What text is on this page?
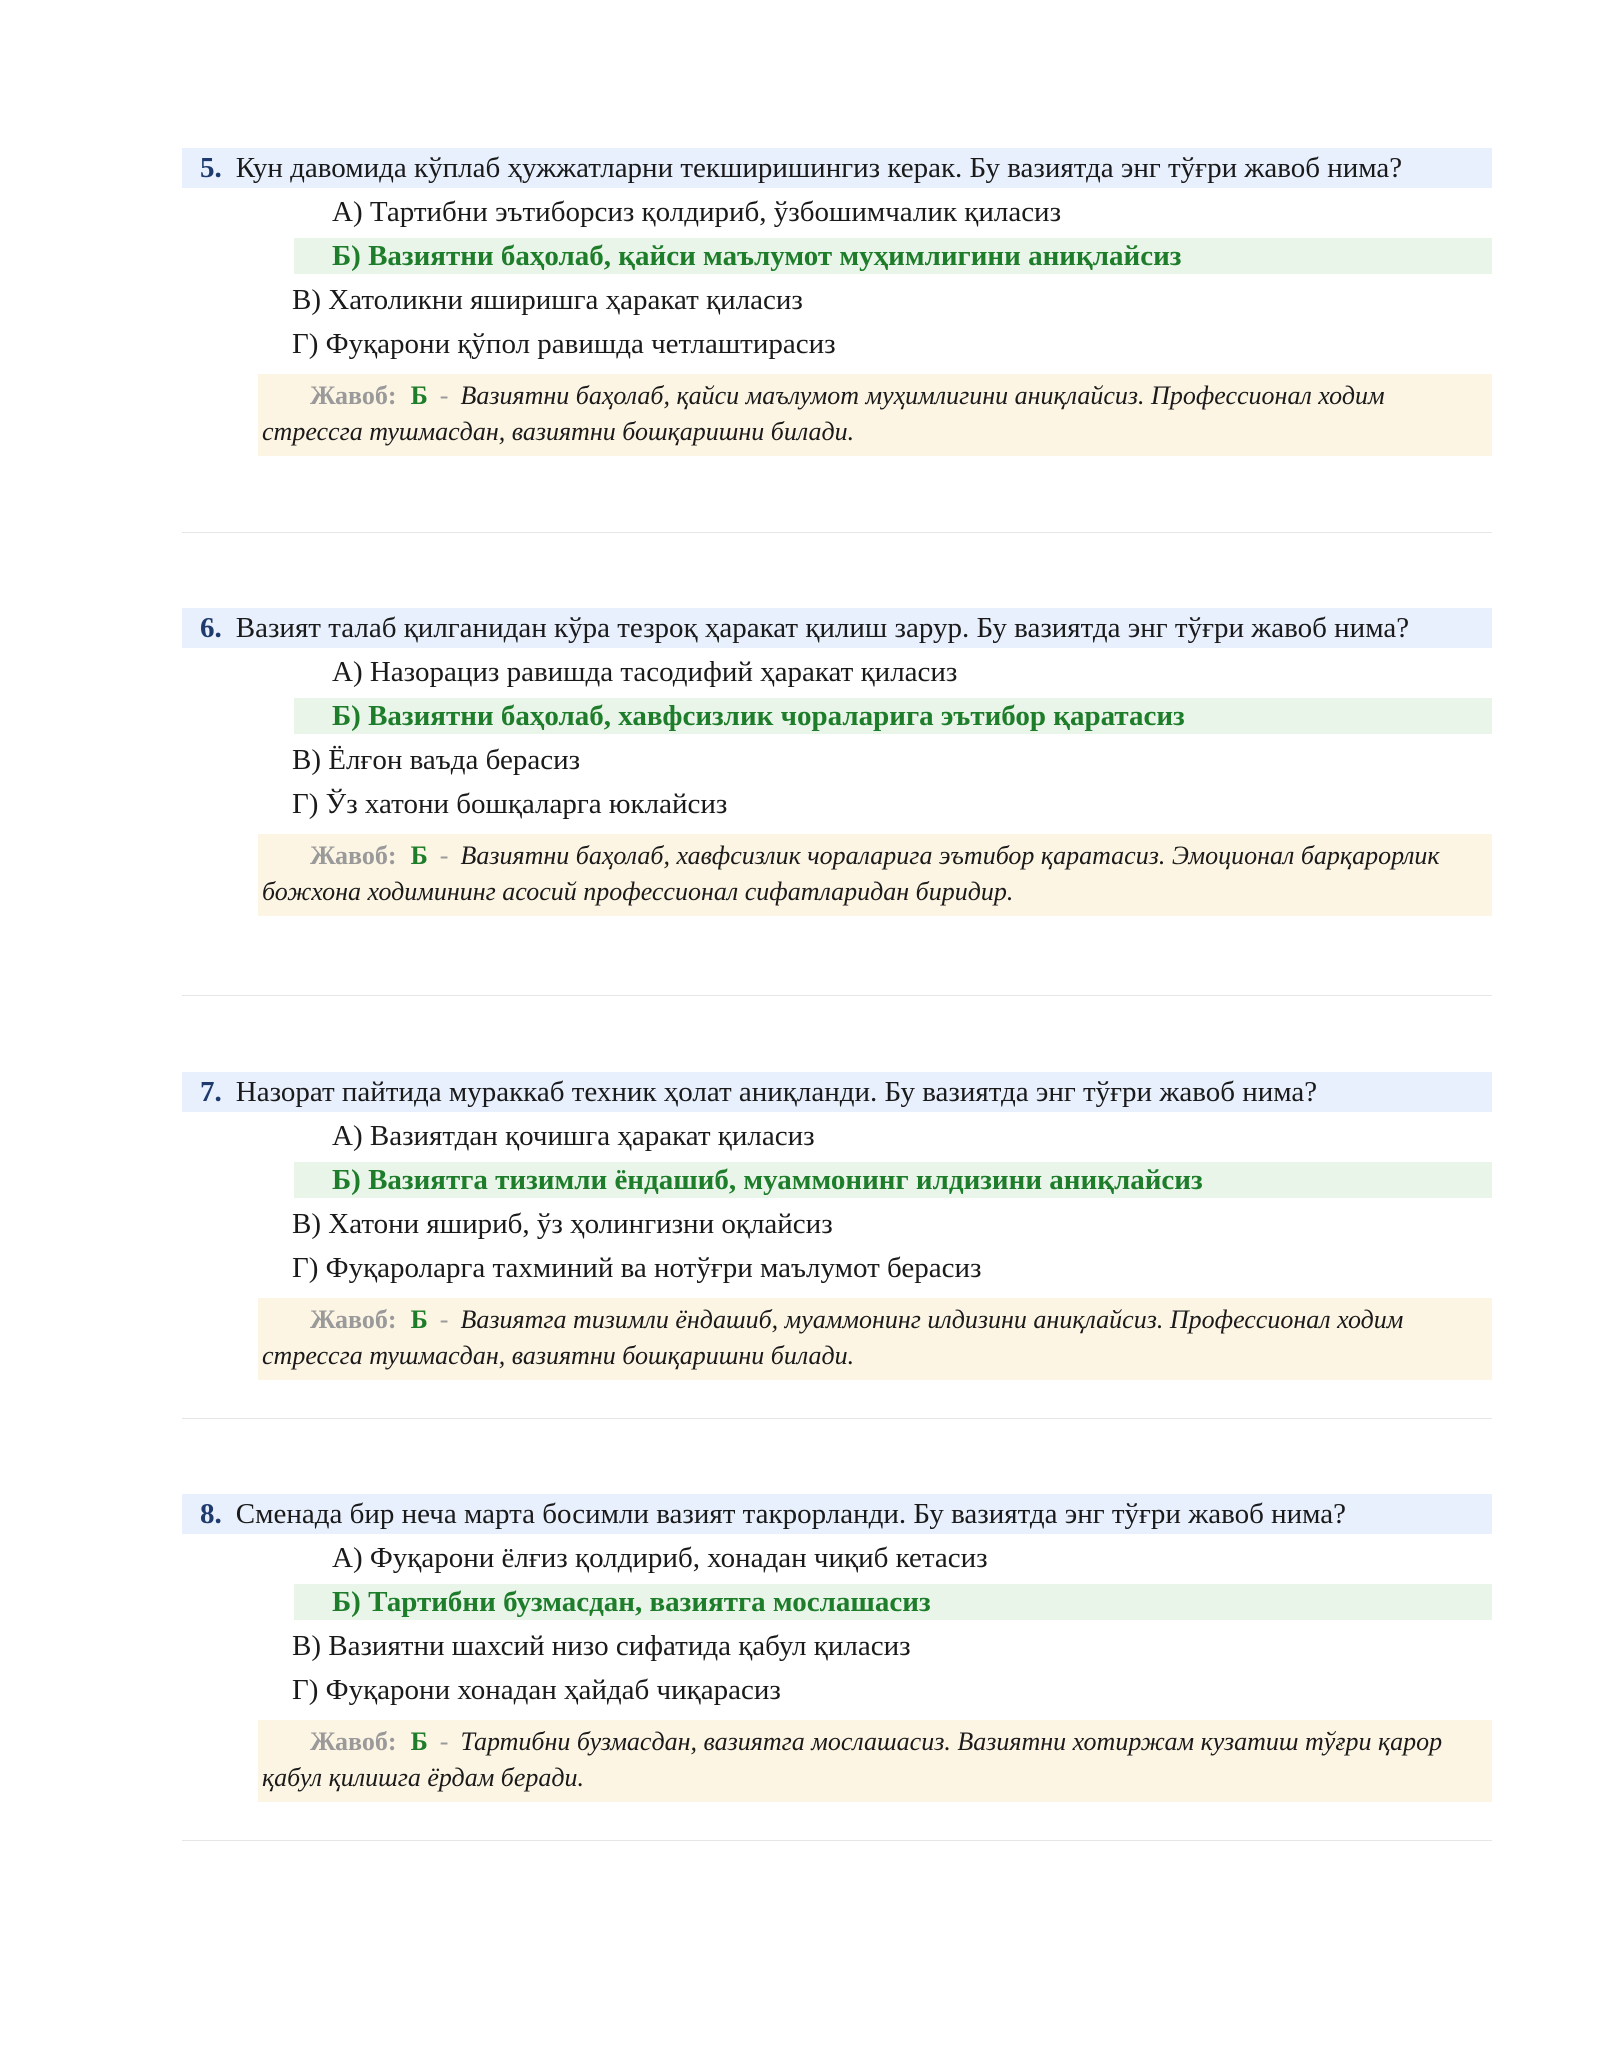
5. Кун давомида кўплаб ҳужжатларни текширишингиз керак. Бу вазиятда энг тўғри жавоб нима?
А) Тартибни эътиборсиз қолдириб, ўзбошимчалик қиласиз
Б) Вазиятни баҳолаб, қайси маълумот муҳимлигини аниқлайсиз
В) Хатоликни яширишга ҳаракат қиласиз
Г) Фуқарони қўпол равишда четлаштирасиз
Жавоб: Б - Вазиятни баҳолаб, қайси маълумот муҳимлигини аниқлайсиз. Профессионал ходим стрессга тушмасдан, вазиятни бошқаришни билади.
6. Вазият талаб қилганидан кўра тезроқ ҳаракат қилиш зарур. Бу вазиятда энг тўғри жавоб нима?
А) Назорациз равишда тасодифий ҳаракат қиласиз
Б) Вазиятни баҳолаб, хавфсизлик чораларига эътибор қаратасиз
В) Ёлғон ваъда берасиз
Г) Ўз хатони бошқаларга юклайсиз
Жавоб: Б - Вазиятни баҳолаб, хавфсизлик чораларига эътибор қаратасиз. Эмоционал барқарорлик божхона ходимининг асосий профессионал сифатларидан биридир.
7. Назорат пайтида мураккаб техник ҳолат аниқланди. Бу вазиятда энг тўғри жавоб нима?
А) Вазиятдан қочишга ҳаракат қиласиз
Б) Вазиятга тизимли ёндашиб, муаммонинг илдизини аниқлайсиз
В) Хатони яшириб, ўз ҳолингизни оқлайсиз
Г) Фуқароларга тахминий ва нотўғри маълумот берасиз
Жавоб: Б - Вазиятга тизимли ёндашиб, муаммонинг илдизини аниқлайсиз. Профессионал ходим стрессга тушмасдан, вазиятни бошқаришни билади.
8. Сменада бир неча марта босимли вазият такрорланди. Бу вазиятда энг тўғри жавоб нима?
А) Фуқарони ёлғиз қолдириб, хонадан чиқиб кетасиз
Б) Тартибни бузмасдан, вазиятга мослашасиз
В) Вазиятни шахсий низо сифатида қабул қиласиз
Г) Фуқарони хонадан ҳайдаб чиқарасиз
Жавоб: Б - Тартибни бузмасдан, вазиятга мослашасиз. Вазиятни хотиржам кузатиш тўғри қарор қабул қилишга ёрдам беради.
